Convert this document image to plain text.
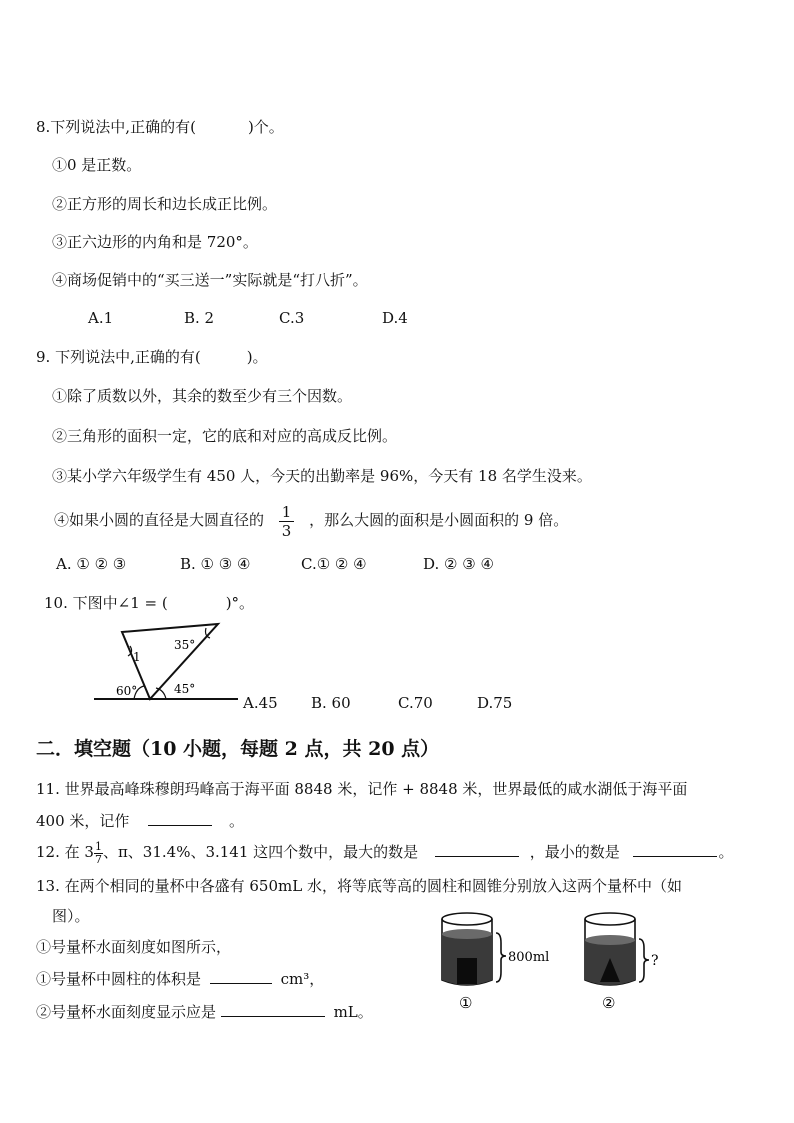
8.下列说法中,正确的有(	)个。
①0 是正数。
②正方形的周长和边长成正比例。
③正六边形的内角和是 720°。
④商场促销中的“买三送一”实际就是“打八折”。
A.1	B. 2	C.3	D.4
9. 下列说法中,正确的有(	)。
①除了质数以外，其余的数至少有三个因数。
②三角形的面积一定，它的底和对应的高成反比例。
③某小学六年级学生有 450 人，今天的出勤率是 96%，今天有 18 名学生没来。
④如果小圆的直径是大圆直径的 $\frac{1}{3}$ ，那么大圆的面积是小圆面积的 9 倍。
A. ① ② ③	B. ① ③ ④	C.① ② ④	D. ② ③ ④
10. 下图中∠1 = (	)°。
1
35°
60°	45°
A.45 B. 60	C.70	D.75
二．填空题（10 小题，每题 2 点，共 20 点）
11. 世界最高峰珠穆朗玛峰高于海平面 8848 米，记作 + 8848 米，世界最低的咸水湖低于海平面
400 米，记作	。
12. 在 $3 \frac{1}{7}$ 、π、31.4%、3.141 这四个数中，最大的数是	，最小的数是	。
13. 在两个相同的量杯中各盛有 650mL 水，将等底等高的圆柱和圆锥分别放入这两个量杯中（如
图）。
①号量杯水面刻度如图所示，
①号量杯中圆柱的体积是	cm³，
②号量杯水面刻度显示应是	mL。
800ml
①
?
②
